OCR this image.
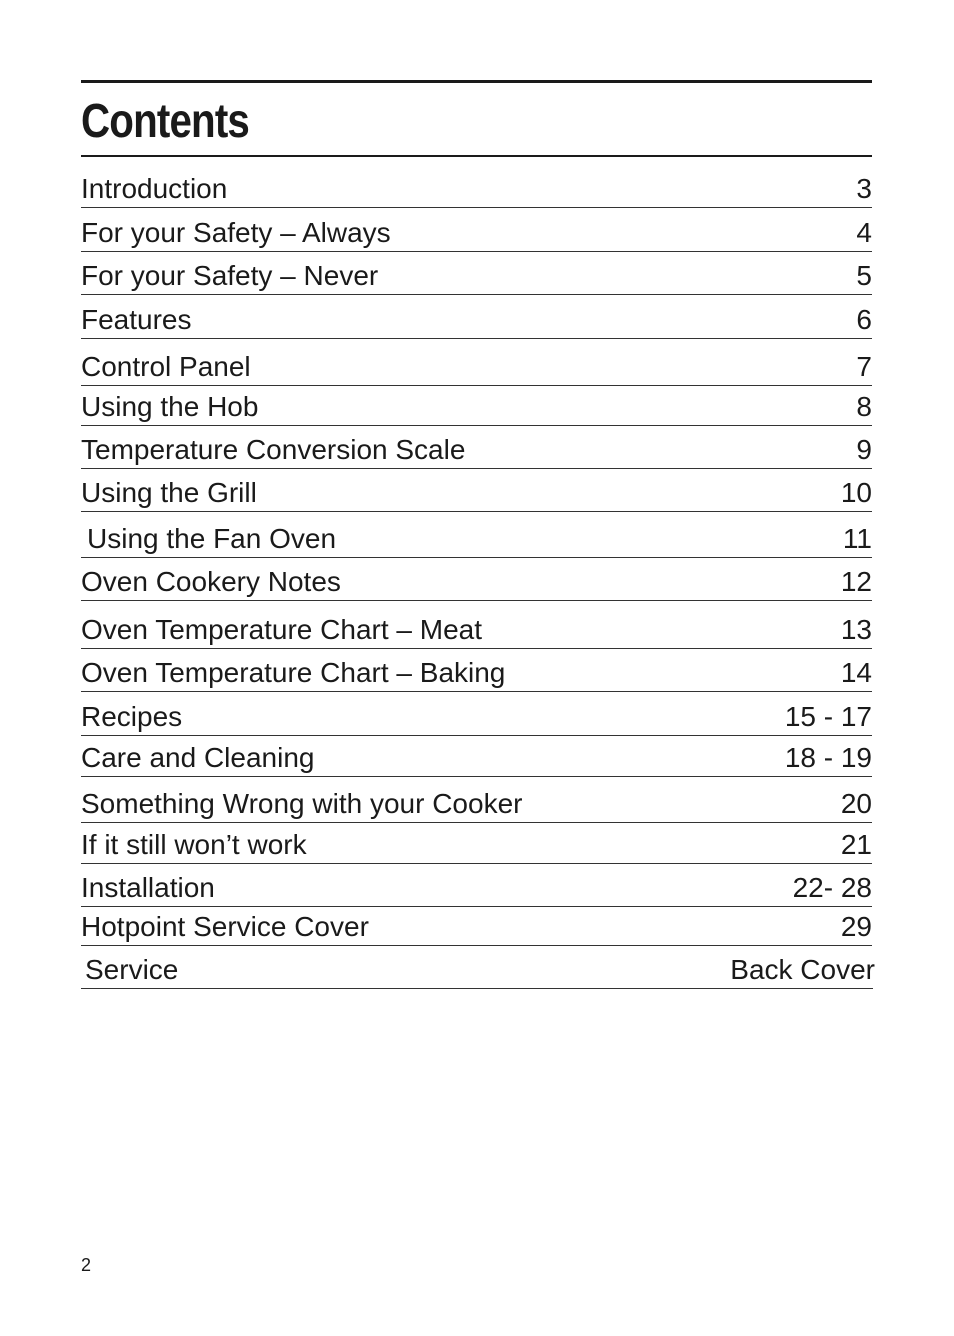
Contents
Introduction	3
For your Safety – Always	4
For your Safety – Never	5
Features	6
Control Panel	7
Using the Hob	8
Temperature Conversion Scale	9
Using the Grill	10
Using the Fan Oven	11
Oven Cookery Notes	12
Oven Temperature Chart – Meat	13
Oven Temperature Chart – Baking	14
Recipes	15 - 17
Care and Cleaning	18 - 19
Something Wrong with your Cooker	20
If it still won’t work	21
Installation	22- 28
Hotpoint Service Cover	29
Service	Back Cover
2
